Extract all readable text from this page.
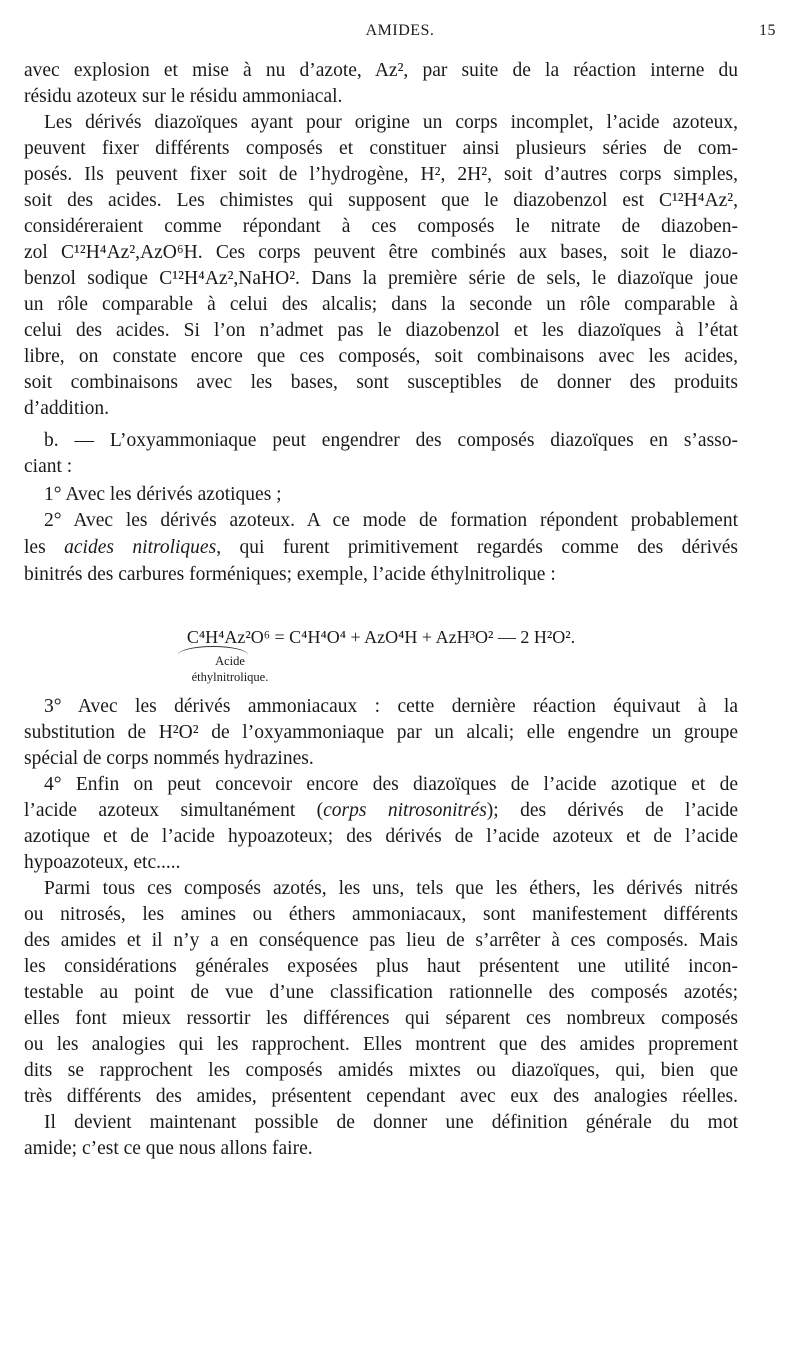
AMIDES.	15
avec explosion et mise à nu d’azote, Az², par suite de la réaction interne du
résidu azoteux sur le résidu ammoniacal.
Les dérivés diazoïques ayant pour origine un corps incomplet, l’acide azoteux,
peuvent fixer différents composés et constituer ainsi plusieurs séries de com-
posés. Ils peuvent fixer soit de l’hydrogène, H², 2H², soit d’autres corps simples,
soit des acides. Les chimistes qui supposent que le diazobenzol est C¹²H⁴Az²,
considéreraient comme répondant à ces composés le nitrate de diazoben-
zol C¹²H⁴Az²,AzO⁶H. Ces corps peuvent être combinés aux bases, soit le diazo-
benzol sodique C¹²H⁴Az²,NaHO². Dans la première série de sels, le diazoïque joue
un rôle comparable à celui des alcalis; dans la seconde un rôle comparable à
celui des acides. Si l’on n’admet pas le diazobenzol et les diazoïques à l’état
libre, on constate encore que ces composés, soit combinaisons avec les acides,
soit combinaisons avec les bases, sont susceptibles de donner des produits
d’addition.
b. — L’oxyammoniaque peut engendrer des composés diazoïques en s’asso-
ciant :
1° Avec les dérivés azotiques ;
2° Avec les dérivés azoteux. A ce mode de formation répondent probablement
les acides nitroliques, qui furent primitivement regardés comme des dérivés
binitrés des carbures forméniques; exemple, l’acide éthylnitrolique :
3° Avec les dérivés ammoniacaux : cette dernière réaction équivaut à la
substitution de H²O² de l’oxyammoniaque par un alcali; elle engendre un groupe
spécial de corps nommés hydrazines.
4° Enfin on peut concevoir encore des diazoïques de l’acide azotique et de
l’acide azoteux simultanément (corps nitrosonitrés); des dérivés de l’acide
azotique et de l’acide hypoazoteux; des dérivés de l’acide azoteux et de l’acide
hypoazoteux, etc.....
Parmi tous ces composés azotés, les uns, tels que les éthers, les dérivés nitrés
ou nitrosés, les amines ou éthers ammoniacaux, sont manifestement différents
des amides et il n’y a en conséquence pas lieu de s’arrêter à ces composés. Mais
les considérations générales exposées plus haut présentent une utilité incon-
testable au point de vue d’une classification rationnelle des composés azotés;
elles font mieux ressortir les différences qui séparent ces nombreux composés
ou les analogies qui les rapprochent. Elles montrent que des amides proprement
dits se rapprochent les composés amidés mixtes ou diazoïques, qui, bien que
très différents des amides, présentent cependant avec eux des analogies réelles.
Il devient maintenant possible de donner une définition générale du mot
amide; c’est ce que nous allons faire.
C⁴H⁴Az²O⁶ = C⁴H⁴O⁴ + AzO⁴H + AzH³O² — 2 H²O².
Acide
éthylnitrolique.
